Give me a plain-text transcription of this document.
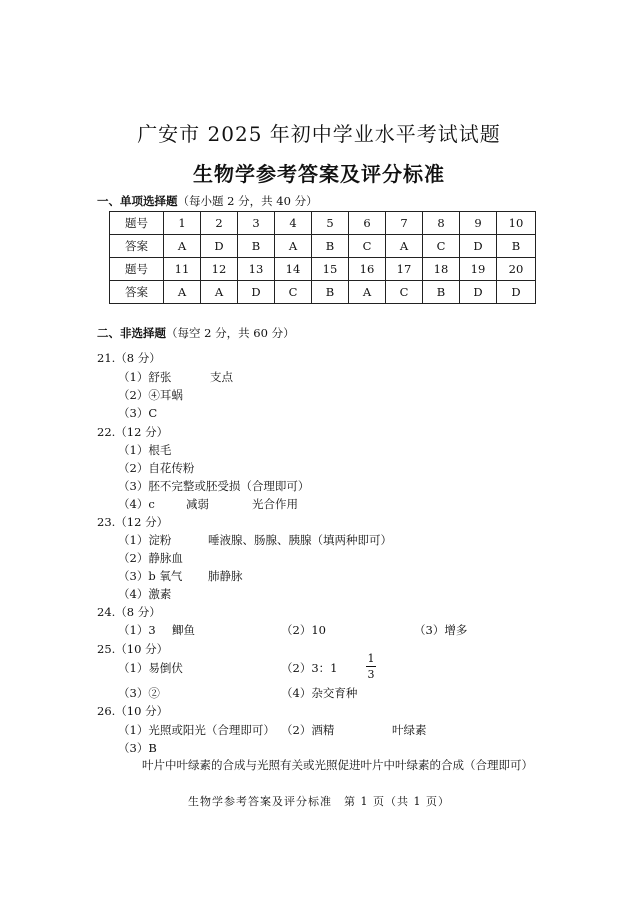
广安市 2025 年初中学业水平考试试题
生物学参考答案及评分标准
一、单项选择题（每小题 2 分，共 40 分）
题号	1	2	3	4	5	6	7	8	9	10
答案	A	D	B	A	B	C	A	C	D	B
题号	11	12	13	14	15	16	17	18	19	20
答案	A	A	D	C	B	A	C	B	D	D
二、非选择题（每空 2 分，共 60 分）
21.（8 分）
（1）舒张	支点
（2）④耳蜗
（3）C
22.（12 分）
（1）根毛
（2）自花传粉
（3）胚不完整或胚受损（合理即可）
（4）c	减弱	光合作用
23.（12 分）
（1）淀粉	唾液腺、肠腺、胰腺（填两种即可）
（2）静脉血
（3）b 氧气 肺静脉
（4）激素
24.（8 分）
（1）3 鲫鱼	（2）10	（3）增多
25.（10 分）
（1）易倒伏	（2）3：1
1
3
（3）②	（4）杂交育种
26.（10 分）
（1）光照或阳光（合理即可） （2）酒精	叶绿素
（3）B
叶片中叶绿素的合成与光照有关或光照促进叶片中叶绿素的合成（合理即可）
生物学参考答案及评分标准　第 1 页（共 1 页）
